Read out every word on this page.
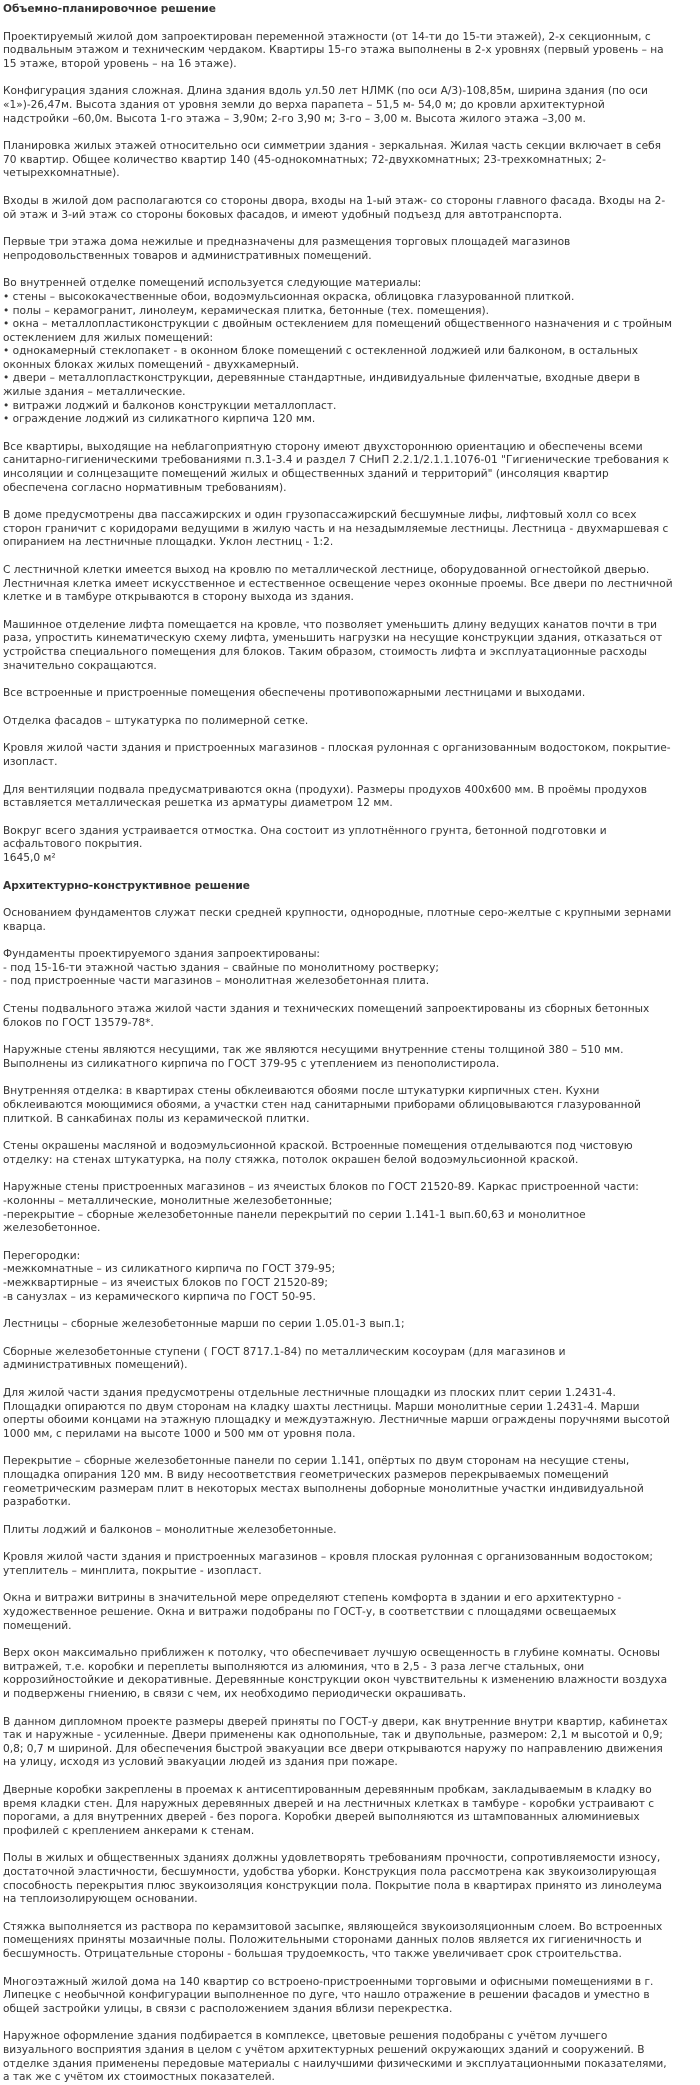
Объемно-планировочное решение
Проектируемый жилой дом запроектирован переменной этажности (от 14-ти до 15-ти этажей), 2-х секционным, с подвальным этажом и техническим чердаком. Квартиры 15-го этажа выполнены в 2-х уровнях (первый уровень – на 15 этаже, второй уровень – на 16 этаже).
Конфигурация здания сложная. Длина здания вдоль ул.50 лет НЛМК (по оси А/3)-108,85м, ширина здания (по оси «1»)-26,47м. Высота здания от уровня земли до верха парапета – 51,5 м- 54,0 м; до кровли архитектурной надстройки –60,0м. Высота 1-го этажа – 3,90м; 2-го 3,90 м; 3-го – 3,00 м. Высота жилого этажа –3,00 м.
Планировка жилых этажей относительно оси симметрии здания - зеркальная. Жилая часть секции включает в себя 70 квартир. Общее количество квартир 140 (45-однокомнатных; 72-двухкомнатных; 23-трехкомнатных; 2-четырехкомнатные).
Входы в жилой дом располагаются со стороны двора, входы на 1-ый этаж- со стороны главного фасада. Входы на 2-ой этаж и 3-ий этаж со стороны боковых фасадов, и имеют удобный подъезд для автотранспорта.
Первые три этажа дома нежилые и предназначены для размещения торговых площадей магазинов непродовольственных товаров и административных помещений.
Во внутренней отделке помещений используется следующие материалы:
• стены – высококачественные обои, водоэмульсионная окраска, облицовка глазурованной плиткой.
• полы – керамогранит, линолеум, керамическая плитка, бетонные (тех. помещения).
• окна – металлопластиконструкции с двойным остеклением для помещений общественного назначения и с тройным остеклением для жилых помещений:
• однокамерный стеклопакет - в оконном блоке помещений с остекленной лоджией или балконом, в остальных оконных блоках жилых помещений - двухкамерный.
• двери – металлопластконструкции, деревянные стандартные, индивидуальные филенчатые, входные двери в жилые здания – металлические.
• витражи лоджий и балконов конструкции металлопласт.
• ограждение лоджий из силикатного кирпича 120 мм.
Все квартиры, выходящие на неблагоприятную сторону имеют двухстороннюю ориентацию и обеспечены всеми санитарно-гигиеническими требованиями п.3.1-3.4 и раздел 7 СНиП 2.2.1/2.1.1.1076-01 "Гигиенические требования к инсоляции и солнцезащите помещений жилых и общественных зданий и территорий" (инсоляция квартир обеспечена согласно нормативным требованиям).
В доме предусмотрены два пассажирских и один грузопассажирский бесшумные лифы, лифтовый холл со всех сторон граничит с коридорами ведущими в жилую часть и на незадымляемые лестницы. Лестница - двухмаршевая с опиранием на лестничные площадки. Уклон лестниц - 1:2.
С лестничной клетки имеется выход на кровлю по металлической лестнице, оборудованной огнестойкой дверью. Лестничная клетка имеет искусственное и естественное освещение через оконные проемы. Все двери по лестничной клетке и в тамбуре открываются в сторону выхода из здания.
Машинное отделение лифта помещается на кровле, что позволяет уменьшить длину ведущих канатов почти в три раза, упростить кинематическую схему лифта, уменьшить нагрузки на несущие конструкции здания, отказаться от устройства специального помещения для блоков. Таким образом, стоимость лифта и эксплуатационные расходы значительно сокращаются.
Все встроенные и пристроенные помещения обеспечены противопожарными лестницами и выходами.
Отделка фасадов – штукатурка по полимерной сетке.
Кровля жилой части здания и пристроенных магазинов - плоская рулонная с организованным водостоком, покрытие-изопласт.
Для вентиляции подвала предусматриваются окна (продухи). Размеры продухов 400х600 мм. В проёмы продухов вставляется металлическая решетка из арматуры диаметром 12 мм.
Вокруг всего здания устраивается отмостка. Она состоит из уплотнённого грунта, бетонной подготовки и асфальтового покрытия.
1645,0 м²
Архитектурно-конструктивное решение
Основанием фундаментов служат пески средней крупности, однородные, плотные серо-желтые с крупными зернами кварца.
Фундаменты проектируемого здания запроектированы:
- под 15-16-ти этажной частью здания – свайные по монолитному ростверку;
- под пристроенные части магазинов – монолитная железобетонная плита.
Стены подвального этажа жилой части здания и технических помещений запроектированы из сборных бетонных блоков по ГОСТ 13579-78*.
Наружные стены являются несущими, так же являются несущими внутренние стены толщиной 380 – 510 мм. Выполнены из силикатного кирпича по ГОСТ 379-95 с утеплением из пенополистирола.
Внутренняя отделка: в квартирах стены обклеиваются обоями после штукатурки кирпичных стен. Кухни обклеиваются моющимися обоями, а участки стен над санитарными приборами облицовываются глазурованной плиткой. В санкабинах полы из керамической плитки.
Стены окрашены масляной и водоэмульсионной краской. Встроенные помещения отделываются под чистовую отделку: на стенах штукатурка, на полу стяжка, потолок окрашен белой водоэмульсионной краской.
Наружные стены пристроенных магазинов – из ячеистых блоков по ГОСТ 21520-89. Каркас пристроенной части:
-колонны – металлические, монолитные железобетонные;
-перекрытие – сборные железобетонные панели перекрытий по серии 1.141-1 вып.60,63 и монолитное железобетонное.
Перегородки:
-межкомнатные – из силикатного кирпича по ГОСТ 379-95;
-межквартирные – из ячеистых блоков по ГОСТ 21520-89;
-в санузлах – из керамического кирпича по ГОСТ 50-95.
Лестницы – сборные железобетонные марши по серии 1.05.01-3 вып.1;
Сборные железобетонные ступени ( ГОСТ 8717.1-84) по металлическим косоурам (для магазинов и административных помещений).
Для жилой части здания предусмотрены отдельные лестничные площадки из плоских плит серии 1.2431-4. Площадки опираются по двум сторонам на кладку шахты лестницы. Марши монолитные серии 1.2431-4. Марши оперты обоими концами на этажную площадку и междуэтажную. Лестничные марши ограждены поручнями высотой 1000 мм, с перилами на высоте 1000 и 500 мм от уровня пола.
Перекрытие – сборные железобетонные панели по серии 1.141, опёртых по двум сторонам на несущие стены, площадка опирания 120 мм. В виду несоответствия геометрических размеров перекрываемых помещений геометрическим размерам плит в некоторых местах выполнены доборные монолитные участки индивидуальной разработки.
Плиты лоджий и балконов – монолитные железобетонные.
Кровля жилой части здания и пристроенных магазинов – кровля плоская рулонная с организованным водостоком; утеплитель – минплита, покрытие - изопласт.
Окна и витражи витрины в значительной мере определяют степень комфорта в здании и его архитектурно - художественное решение. Окна и витражи подобраны по ГОСТ-у, в соответствии с площадями освещаемых помещений.
Верх окон максимально приближен к потолку, что обеспечивает лучшую освещенность в глубине комнаты. Основы витражей, т.е. коробки и переплеты выполняются из алюминия, что в 2,5 - 3 раза легче стальных, они коррозийностойкие и декоративные. Деревянные конструкции окон чувствительны к изменению влажности воздуха и подвержены гниению, в связи с чем, их необходимо периодически окрашивать.
В данном дипломном проекте размеры дверей приняты по ГОСТ-у двери, как внутренние внутри квартир, кабинетах так и наружные - усиленные. Двери применены как однопольные, так и двупольные, размером: 2,1 м высотой и 0,9; 0,8; 0,7 м шириной. Для обеспечения быстрой эвакуации все двери открываются наружу по направлению движения на улицу, исходя из условий эвакуации людей из здания при пожаре.
Дверные коробки закреплены в проемах к антисептированным деревянным пробкам, закладываемым в кладку во время кладки стен. Для наружных деревянных дверей и на лестничных клетках в тамбуре - коробки устраивают с порогами, а для внутренних дверей - без порога. Коробки дверей выполняются из штампованных алюминиевых профилей с креплением анкерами к стенам.
Полы в жилых и общественных зданиях должны удовлетворять требованиям прочности, сопротивляемости износу, достаточной эластичности, бесшумности, удобства уборки. Конструкция пола рассмотрена как звукоизолирующая способность перекрытия плюс звукоизоляция конструкции пола. Покрытие пола в квартирах принято из линолеума на теплоизолирующем основании.
Стяжка выполняется из раствора по керамзитовой засыпке, являющейся звукоизоляционным слоем. Во встроенных помещениях приняты мозаичные полы. Положительными сторонами данных полов является их гигиеничность и бесшумность. Отрицательные стороны - большая трудоемкость, что также увеличивает срок строительства.
Многоэтажный жилой дома на 140 квартир со встроено-пристроенными торговыми и офисными помещениями в г. Липецке с необычной конфигурации выполненное по дуге, что нашло отражение в решении фасадов и уместно в общей застройки улицы, в связи с расположением здания вблизи перекрестка.
Наружное оформление здания подбирается в комплексе, цветовые решения подобраны с учётом лучшего визуального восприятия здания в целом с учётом архитектурных решений окружающих зданий и сооружений. В отделке здания применены передовые материалы с наилучшими физическими и эксплуатационными показателями, а так же с учётом их стоимостных показателей.
